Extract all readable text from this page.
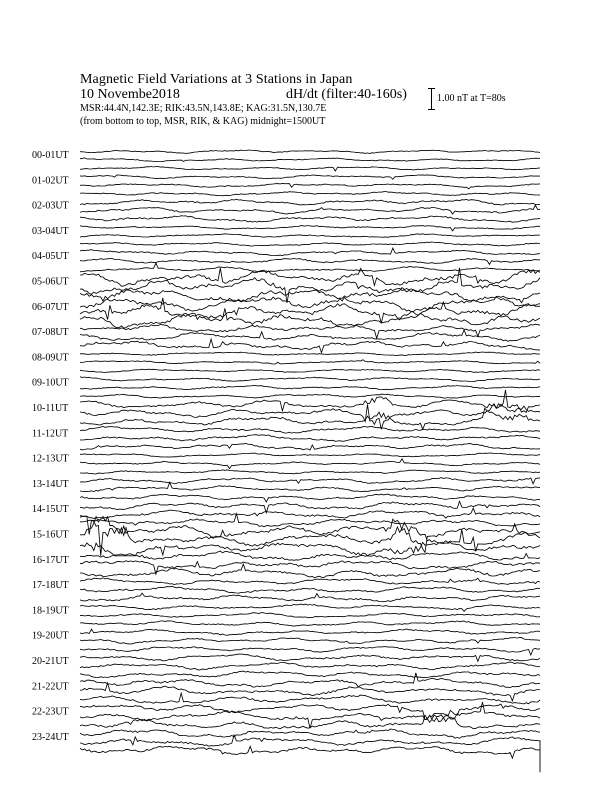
Magnetic Field Variations at 3 Stations in Japan
10 Novembe2018	dH/dt (filter:40-160s)
MSR:44.4N,142.3E; RIK:43.5N,143.8E; KAG:31.5N,130.7E
(from bottom to top, MSR, RIK, & KAG) midnight=1500UT
1.00 nT at T=80s
00-01UT
01-02UT
02-03UT
03-04UT
04-05UT
05-06UT
06-07UT
07-08UT
08-09UT
09-10UT
10-11UT
11-12UT
12-13UT
13-14UT
14-15UT
15-16UT
16-17UT
17-18UT
18-19UT
19-20UT
20-21UT
21-22UT
22-23UT
23-24UT
